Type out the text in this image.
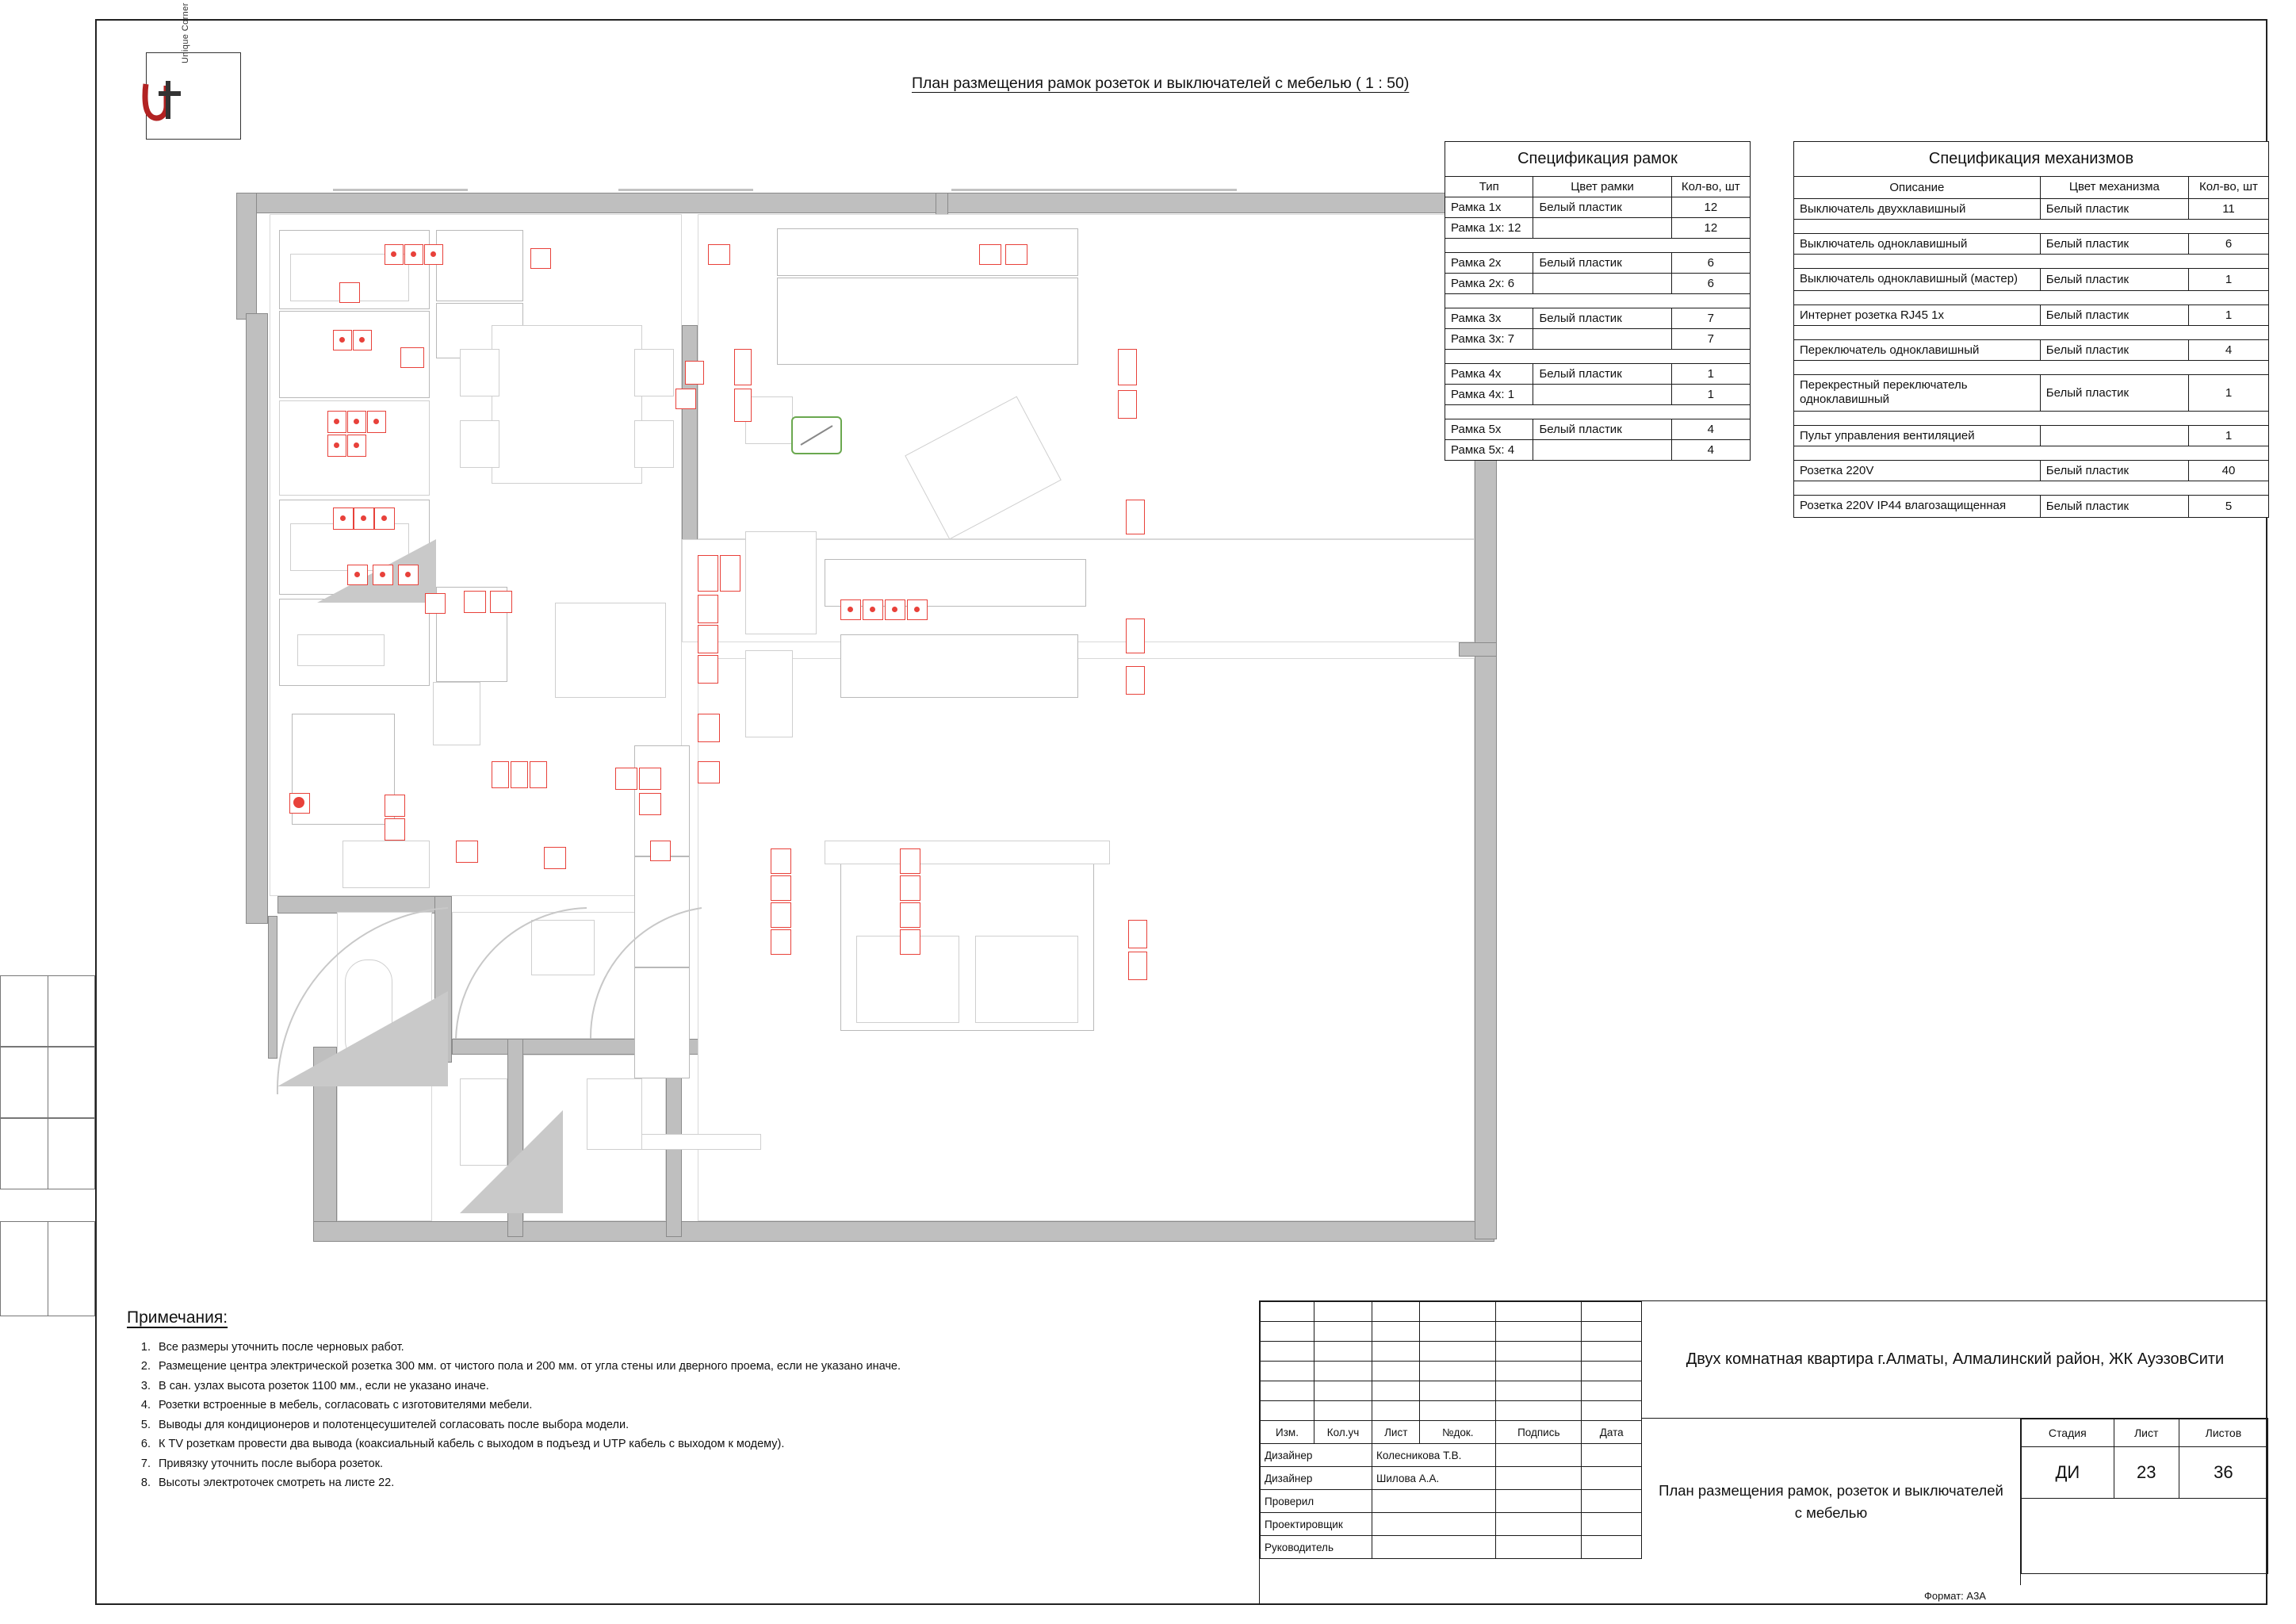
Unique Corner
План размещения рамок розеток и выключателей с мебелью ( 1 : 50)
Спецификация рамок		
Тип	Цвет рамки	Кол-во, шт
Рамка 1х	Белый пластик	12
Рамка 1х: 12		12

Рамка 2х	Белый пластик	6
Рамка 2х: 6		6

Рамка 3х	Белый пластик	7
Рамка 3х: 7		7

Рамка 4х	Белый пластик	1
Рамка 4х: 1		1

Рамка 5х	Белый пластик	4
Рамка 5х: 4		4
Спецификация механизмов		
Описание	Цвет механизма	Кол-во, шт
Выключатель двухклавишный	Белый пластик	11

Выключатель одноклавишный	Белый пластик	6

Выключатель одноклавишный (мастер)	Белый пластик	1

Интернет розетка RJ45 1х	Белый пластик	1

Переключатель одноклавишный	Белый пластик	4

Перекрестный переключатель одноклавишный	Белый пластик	1

Пульт управления вентиляцией		1

Розетка 220V	Белый пластик	40

Розетка 220V IP44 влагозащищенная	Белый пластик	5
Примечания:
1. Все размеры уточнить после черновых работ.
2. Размещение центра электрической розетка 300 мм. от чистого пола и 200 мм. от угла стены или дверного проема, если не указано иначе.
3. В сан. узлах высота розеток 1100 мм., если не указано иначе.
4. Розетки встроенные в мебель, согласовать с изготовителями мебели.
5. Выводы для кондиционеров и полотенцесушителей согласовать после выбора модели.
6. К TV розеткам провести два вывода (коаксиальный кабель с выходом в подъезд и UTP кабель с выходом к модему).
7. Привязку уточнить после выбора розеток.
8. Высоты электроточек смотреть на листе 22.

Изм.	Кол.уч	Лист	№док.	Подпись	Дата
Дизайнер		Колесникова Т.В.			
Дизайнер		Шилова А.А.			
Проверил					
Проектировщик					
Руководитель					
Двух комнатная квартира г.Алматы, Алмалинский район, ЖК АуэзовСити
План размещения рамок, розеток и выключателей с мебелью
Стадия	Лист	Листов
ДИ	23	36

Формат: А3А
